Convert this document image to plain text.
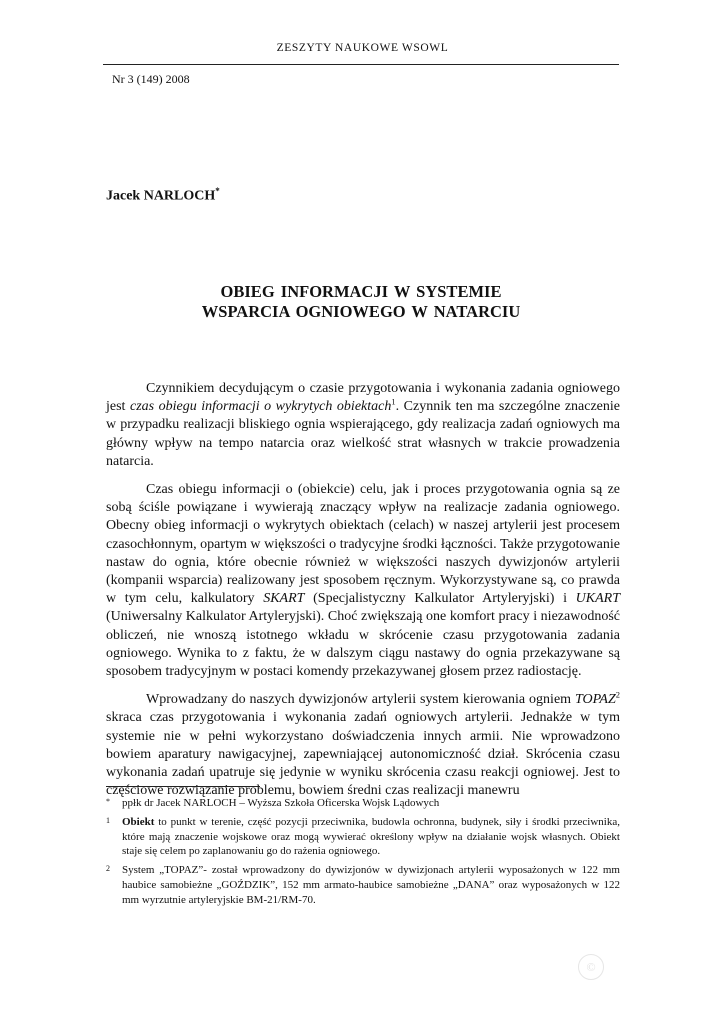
ZESZYTY NAUKOWE WSOWL
Nr 3 (149) 2008
Jacek NARLOCH*
OBIEG INFORMACJI W SYSTEMIE
WSPARCIA OGNIOWEGO W NATARCIU

Czynnikiem decydującym o czasie przygotowania i wykonania zadania ogniowego jest czas obiegu informacji o wykrytych obiektach$^1$. Czynnik ten ma szczególne znaczenie w przypadku realizacji bliskiego ognia wspierającego, gdy realizacja zadań ogniowych ma główny wpływ na tempo natarcia oraz wielkość strat własnych w trakcie prowadzenia natarcia.

Czas obiegu informacji o (obiekcie) celu, jak i proces przygotowania ognia są ze sobą ściśle powiązane i wywierają znaczący wpływ na realizacje zadania ogniowego. Obecny obieg informacji o wykrytych obiektach (celach) w naszej artylerii jest procesem czasochłonnym, opartym w większości o tradycyjne środki łączności. Także przygotowanie nastaw do ognia, które obecnie również w większości naszych dywizjonów artylerii (kompanii wsparcia) realizowany jest sposobem ręcznym. Wykorzystywane są, co prawda w tym celu, kalkulatory SKART (Specjalistyczny Kalkulator Artyleryjski) i UKART (Uniwersalny Kalkulator Artyleryjski). Choć zwiększają one komfort pracy i niezawodność obliczeń, nie wnoszą istotnego wkładu w skrócenie czasu przygotowania zadania ogniowego. Wynika to z faktu, że w dalszym ciągu nastawy do ognia przekazywane są sposobem tradycyjnym w postaci komendy przekazywanej głosem przez radiostację.

Wprowadzany do naszych dywizjonów artylerii system kierowania ogniem TOPAZ$^2$ skraca czas przygotowania i wykonania zadań ogniowych artylerii. Jednakże w tym systemie nie w pełni wykorzystano doświadczenia innych armii. Nie wprowadzono bowiem aparatury nawigacyjnej, zapewniającej autonomiczność dział. Skrócenia czasu wykonania zadań upatruje się jedynie w wyniku skrócenia czasu reakcji ogniowej. Jest to częściowe rozwiązanie problemu, bowiem średni czas realizacji manewru

*	ppłk dr Jacek NARLOCH – Wyższa Szkoła Oficerska Wojsk Lądowych
1	Obiekt to punkt w terenie, część pozycji przeciwnika, budowla ochronna, budynek, siły i środki przeciwnika, które mają znaczenie wojskowe oraz mogą wywierać określony wpływ na działanie wojsk własnych. Obiekt staje się celem po zaplanowaniu go do rażenia ogniowego.
2	System „TOPAZ”- został wprowadzony do dywizjonów w dywizjonach artylerii wyposażonych w 122 mm haubice samobieżne „GOŹDZIK”, 152 mm armato-haubice samobieżne „DANA” oraz wyposażonych w 122 mm wyrzutnie artyleryjskie BM-21/RM-70.
©
